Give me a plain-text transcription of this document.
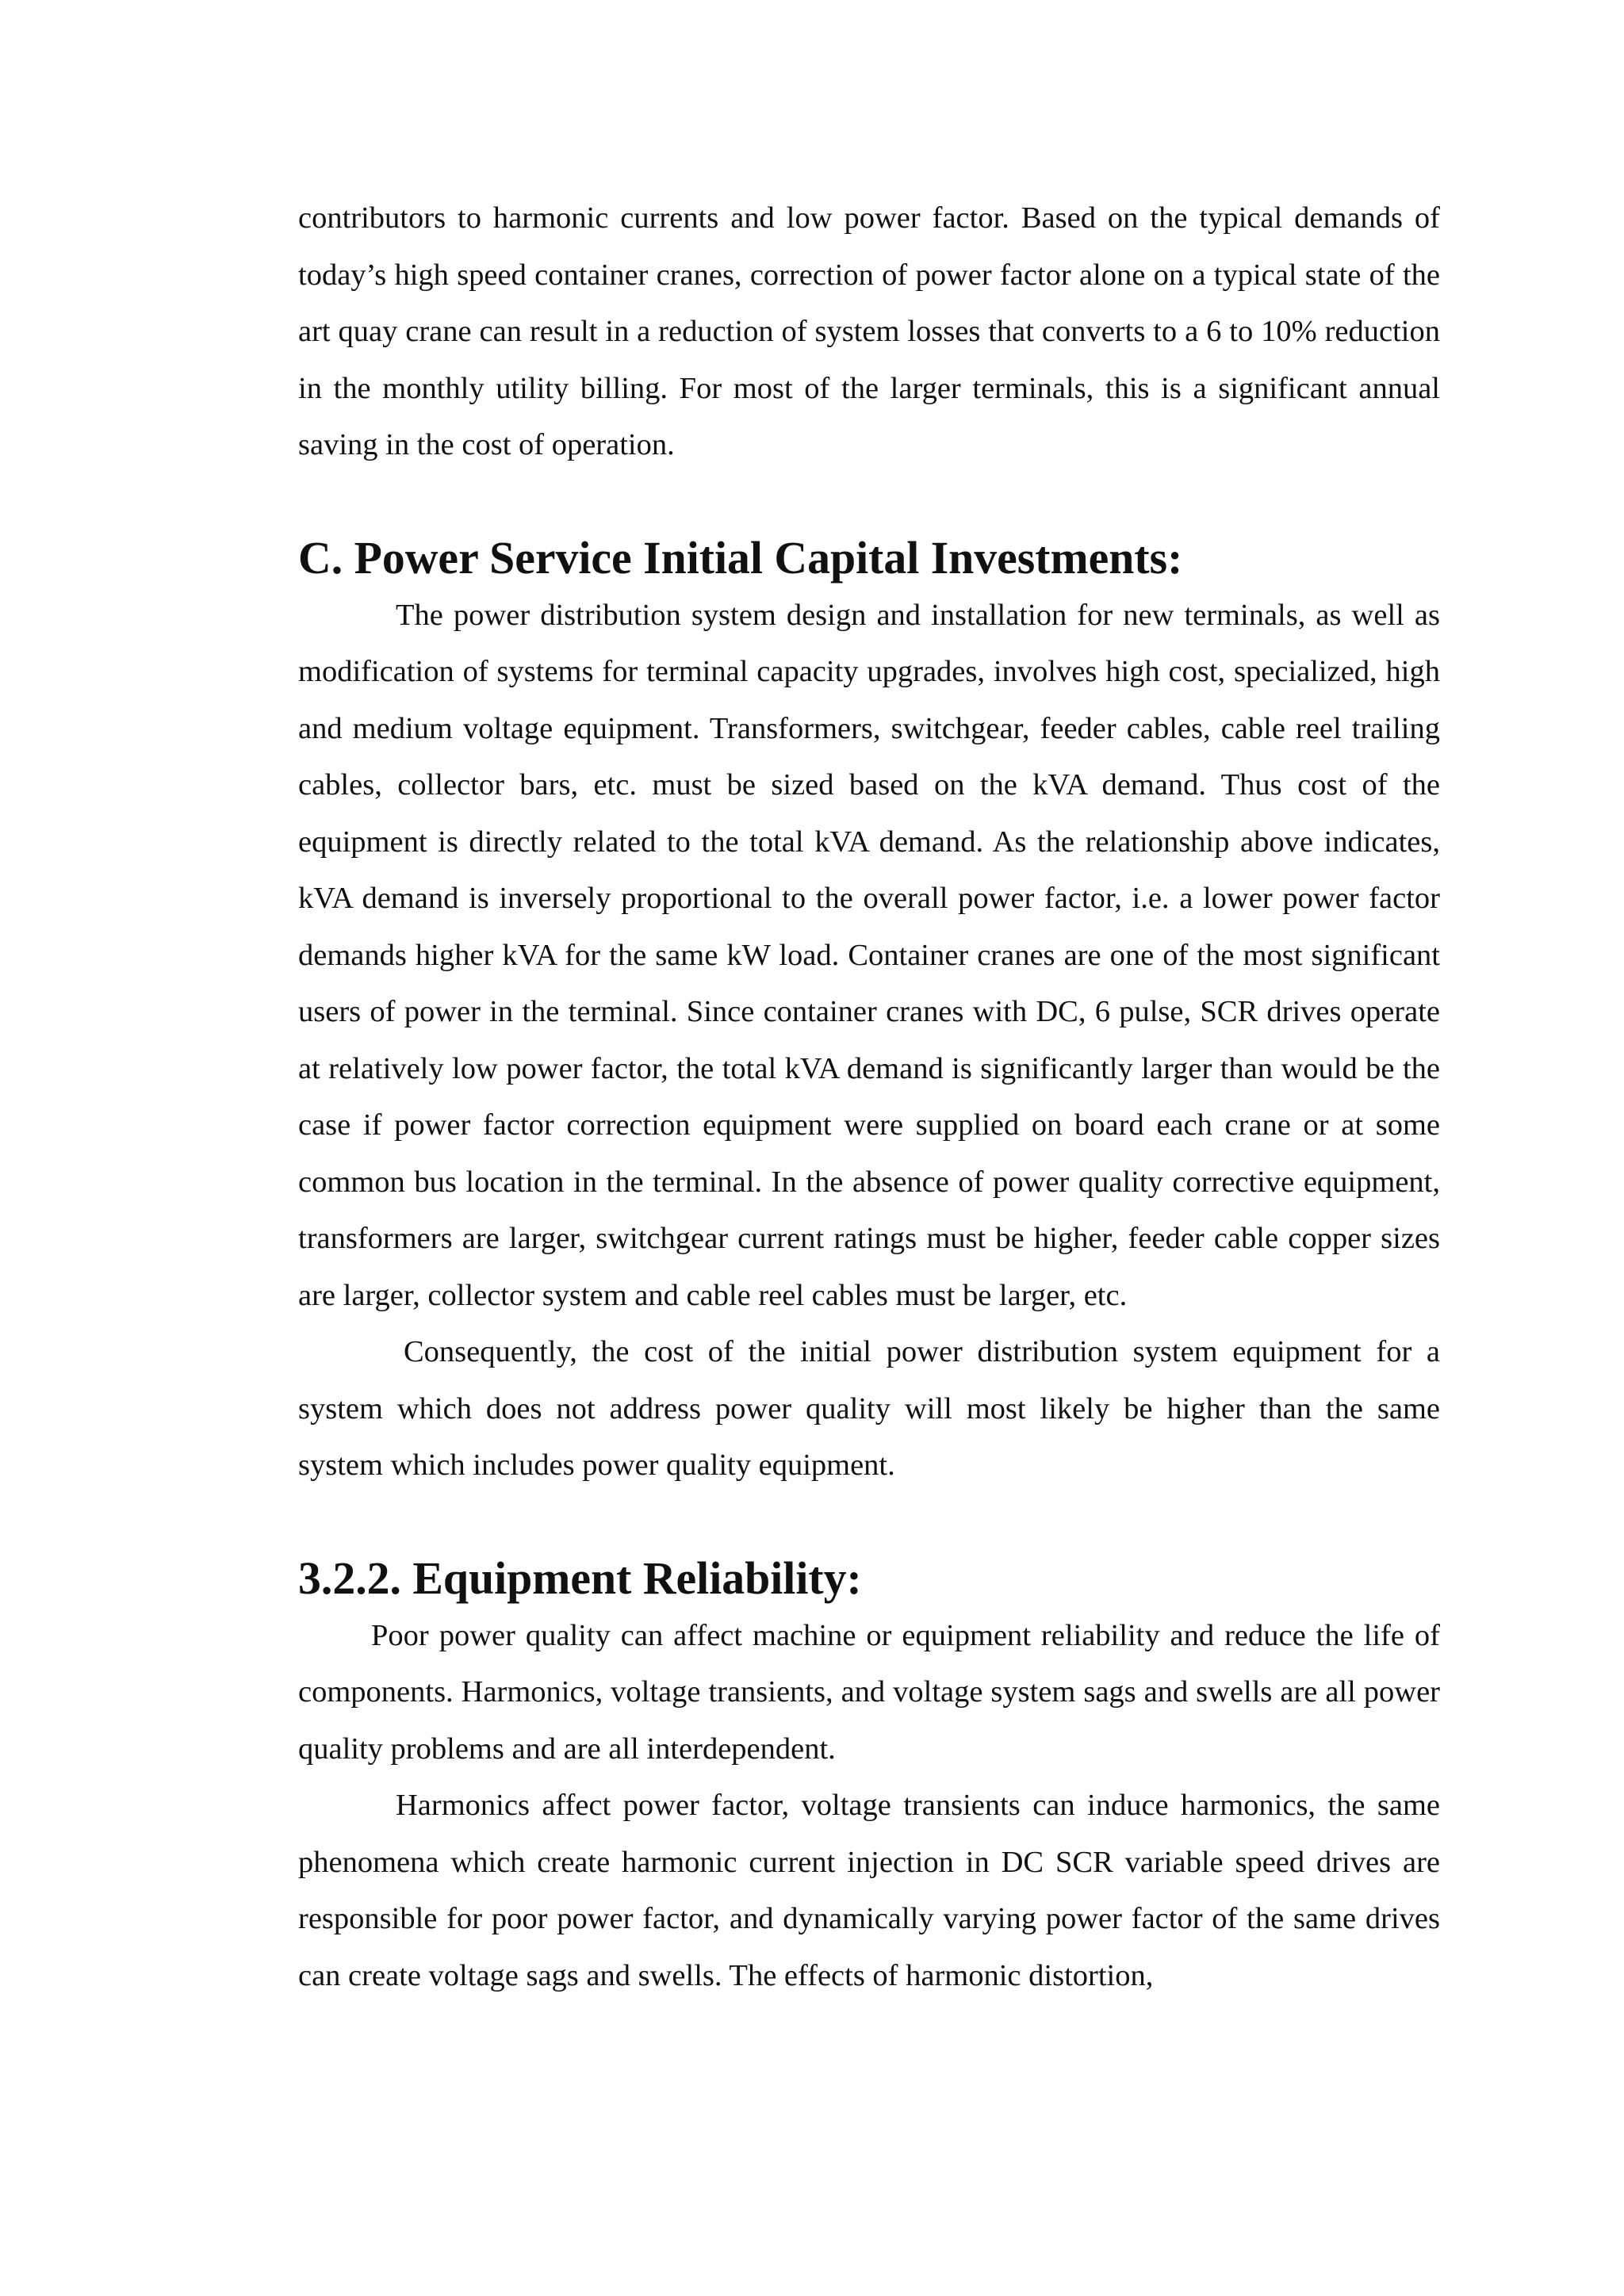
contributors to harmonic currents and low power factor. Based on the typical demands of today’s high speed container cranes, correction of power factor alone on a typical state of the art quay crane can result in a reduction of system losses that converts to a 6 to 10% reduction in the monthly utility billing. For most of the larger terminals, this is a significant annual saving in the cost of operation.

C. Power Service Initial Capital Investments:

The power distribution system design and installation for new terminals, as well as modification of systems for terminal capacity upgrades, involves high cost, specialized, high and medium voltage equipment. Transformers, switchgear, feeder cables, cable reel trailing cables, collector bars, etc. must be sized based on the kVA demand. Thus cost of the equipment is directly related to the total kVA demand. As the relationship above indicates, kVA demand is inversely proportional to the overall power factor, i.e. a lower power factor demands higher kVA for the same kW load. Container cranes are one of the most significant users of power in the terminal. Since container cranes with DC, 6 pulse, SCR drives operate at relatively low power factor, the total kVA demand is significantly larger than would be the case if power factor correction equipment were supplied on board each crane or at some common bus location in the terminal. In the absence of power quality corrective equipment, transformers are larger, switchgear current ratings must be higher, feeder cable copper sizes are larger, collector system and cable reel cables must be larger, etc.

Consequently, the cost of the initial power distribution system equipment for a system which does not address power quality will most likely be higher than the same system which includes power quality equipment.

3.2.2. Equipment Reliability:

Poor power quality can affect machine or equipment reliability and reduce the life of components. Harmonics, voltage transients, and voltage system sags and swells are all power quality problems and are all interdependent.

Harmonics affect power factor, voltage transients can induce harmonics, the same phenomena which create harmonic current injection in DC SCR variable speed drives are responsible for poor power factor, and dynamically varying power factor of the same drives can create voltage sags and swells. The effects of harmonic distortion,
